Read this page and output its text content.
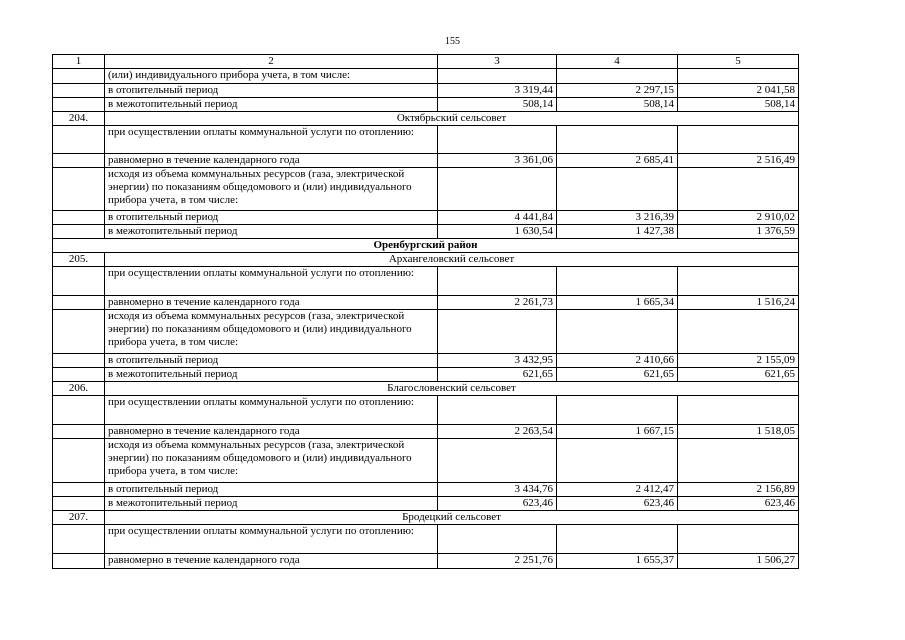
155
1	2	3	4	5
	(или) индивидуального прибора учета, в том числе:			
	в отопительный период	3 319,44	2 297,15	2 041,58
	в межотопительный период	508,14	508,14	508,14
204.	Октябрьский сельсовет			
	при осуществлении оплаты коммунальной услуги по отоплению:			
	равномерно в течение календарного года	3 361,06	2 685,41	2 516,49
	исходя из объема коммунальных ресурсов (газа, электрической энергии) по показаниям общедомового и (или) индивидуального прибора учета, в том числе:			
	в отопительный период	4 441,84	3 216,39	2 910,02
	в межотопительный период	1 630,54	1 427,38	1 376,59
Оренбургский район				
205.	Архангеловский сельсовет			
	при осуществлении оплаты коммунальной услуги по отоплению:			
	равномерно в течение календарного года	2 261,73	1 665,34	1 516,24
	исходя из объема коммунальных ресурсов (газа, электрической энергии) по показаниям общедомового и (или) индивидуального прибора учета, в том числе:			
	в отопительный период	3 432,95	2 410,66	2 155,09
	в межотопительный период	621,65	621,65	621,65
206.	Благословенский сельсовет			
	при осуществлении оплаты коммунальной услуги по отоплению:			
	равномерно в течение календарного года	2 263,54	1 667,15	1 518,05
	исходя из объема коммунальных ресурсов (газа, электрической энергии) по показаниям общедомового и (или) индивидуального прибора учета, в том числе:			
	в отопительный период	3 434,76	2 412,47	2 156,89
	в межотопительный период	623,46	623,46	623,46
207.	Бродецкий сельсовет			
	при осуществлении оплаты коммунальной услуги по отоплению:			
	равномерно в течение календарного года	2 251,76	1 655,37	1 506,27
